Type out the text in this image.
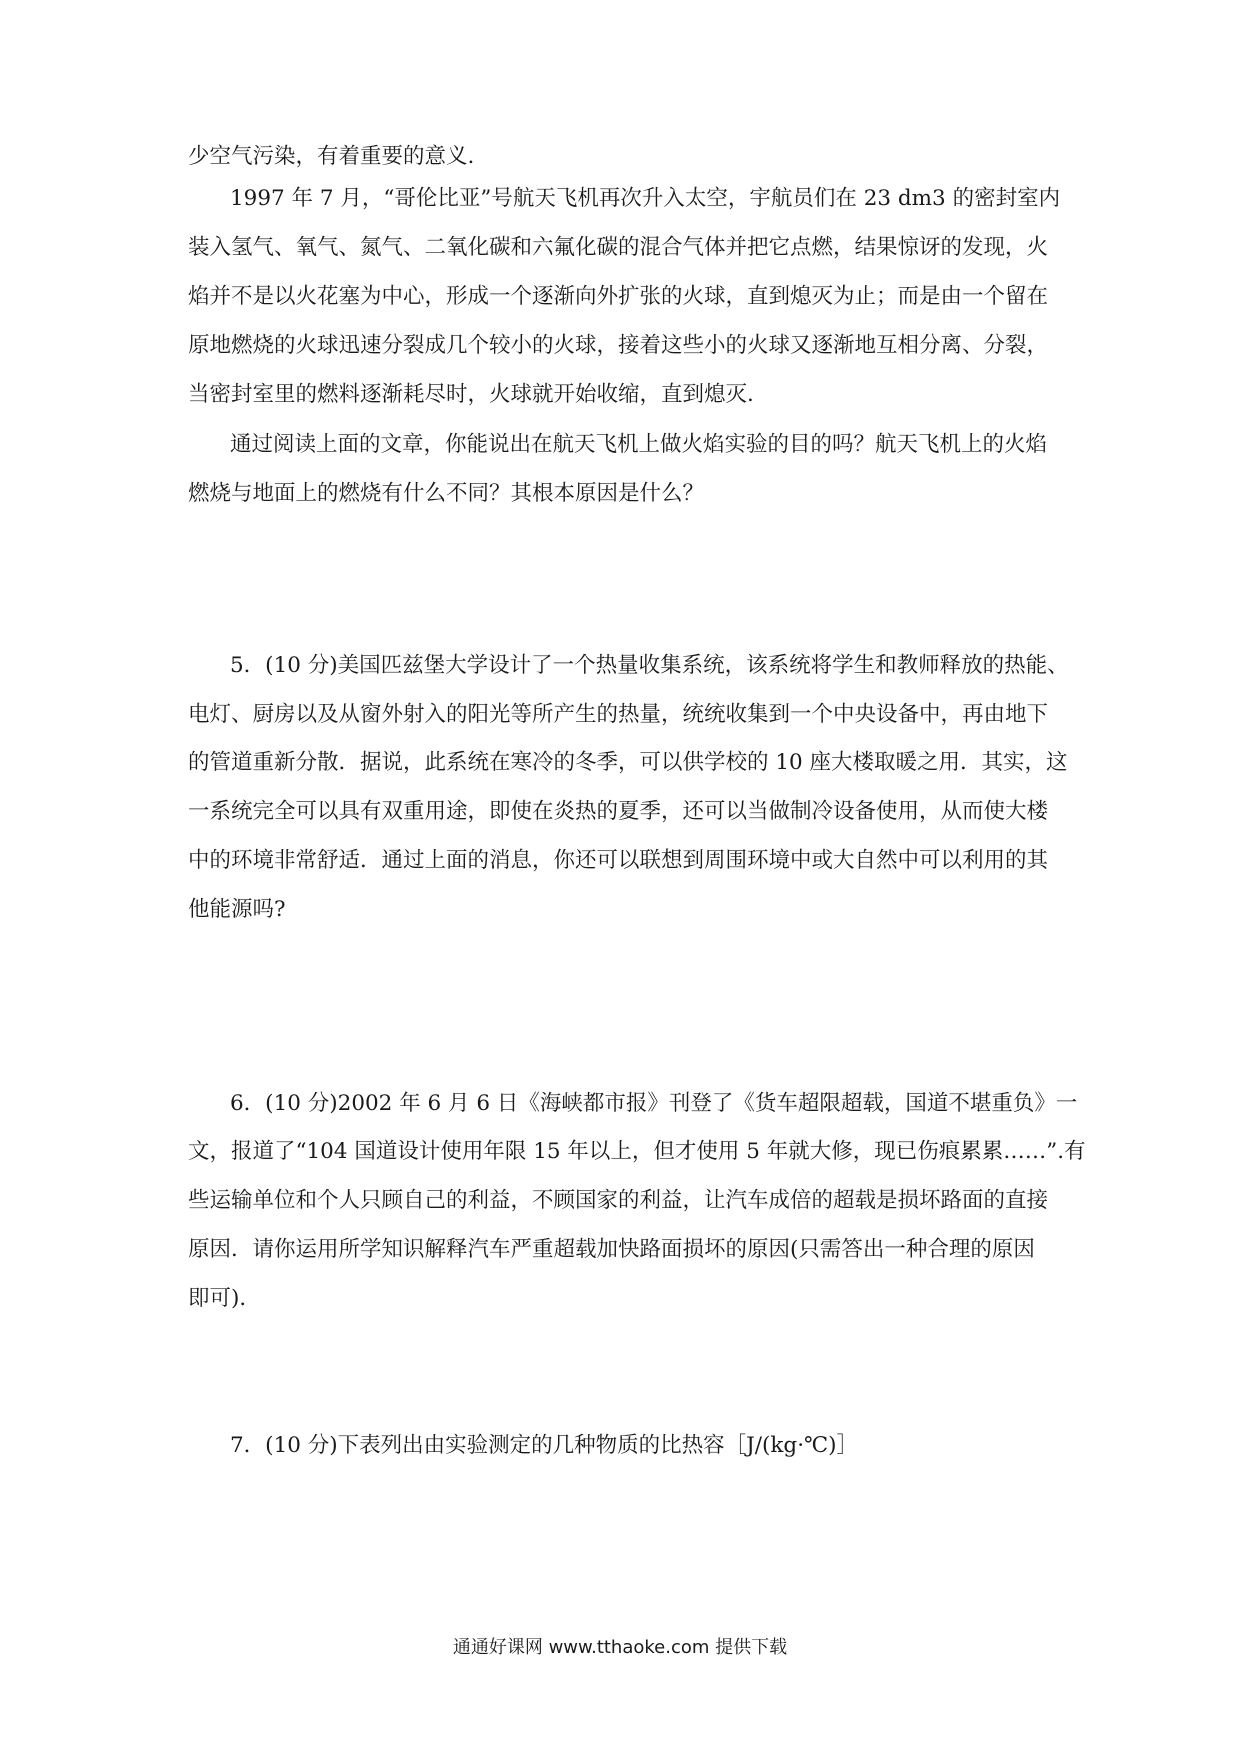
少空气污染，有着重要的意义.
1997 年 7 月，“哥伦比亚”号航天飞机再次升入太空，宇航员们在 23 dm3 的密封室内
装入氢气、氧气、氮气、二氧化碳和六氟化碳的混合气体并把它点燃，结果惊讶的发现，火
焰并不是以火花塞为中心，形成一个逐渐向外扩张的火球，直到熄灭为止；而是由一个留在
原地燃烧的火球迅速分裂成几个较小的火球，接着这些小的火球又逐渐地互相分离、分裂，
当密封室里的燃料逐渐耗尽时，火球就开始收缩，直到熄灭.
通过阅读上面的文章，你能说出在航天飞机上做火焰实验的目的吗？航天飞机上的火焰
燃烧与地面上的燃烧有什么不同？其根本原因是什么？
5．(10 分)美国匹兹堡大学设计了一个热量收集系统，该系统将学生和教师释放的热能、
电灯、厨房以及从窗外射入的阳光等所产生的热量，统统收集到一个中央设备中，再由地下
的管道重新分散．据说，此系统在寒冷的冬季，可以供学校的 10 座大楼取暖之用．其实，这
一系统完全可以具有双重用途，即使在炎热的夏季，还可以当做制冷设备使用，从而使大楼
中的环境非常舒适．通过上面的消息，你还可以联想到周围环境中或大自然中可以利用的其
他能源吗?
6．(10 分)2002 年 6 月 6 日《海峡都市报》刊登了《货车超限超载，国道不堪重负》一
文，报道了“104 国道设计使用年限 15 年以上，但才使用 5 年就大修，现已伤痕累累……”.有
些运输单位和个人只顾自己的利益，不顾国家的利益，让汽车成倍的超载是损坏路面的直接
原因．请你运用所学知识解释汽车严重超载加快路面损坏的原因(只需答出一种合理的原因
即可)．
7．(10 分)下表列出由实验测定的几种物质的比热容［J/(kg·℃)］
通通好课网 www.tthaoke.com 提供下载
